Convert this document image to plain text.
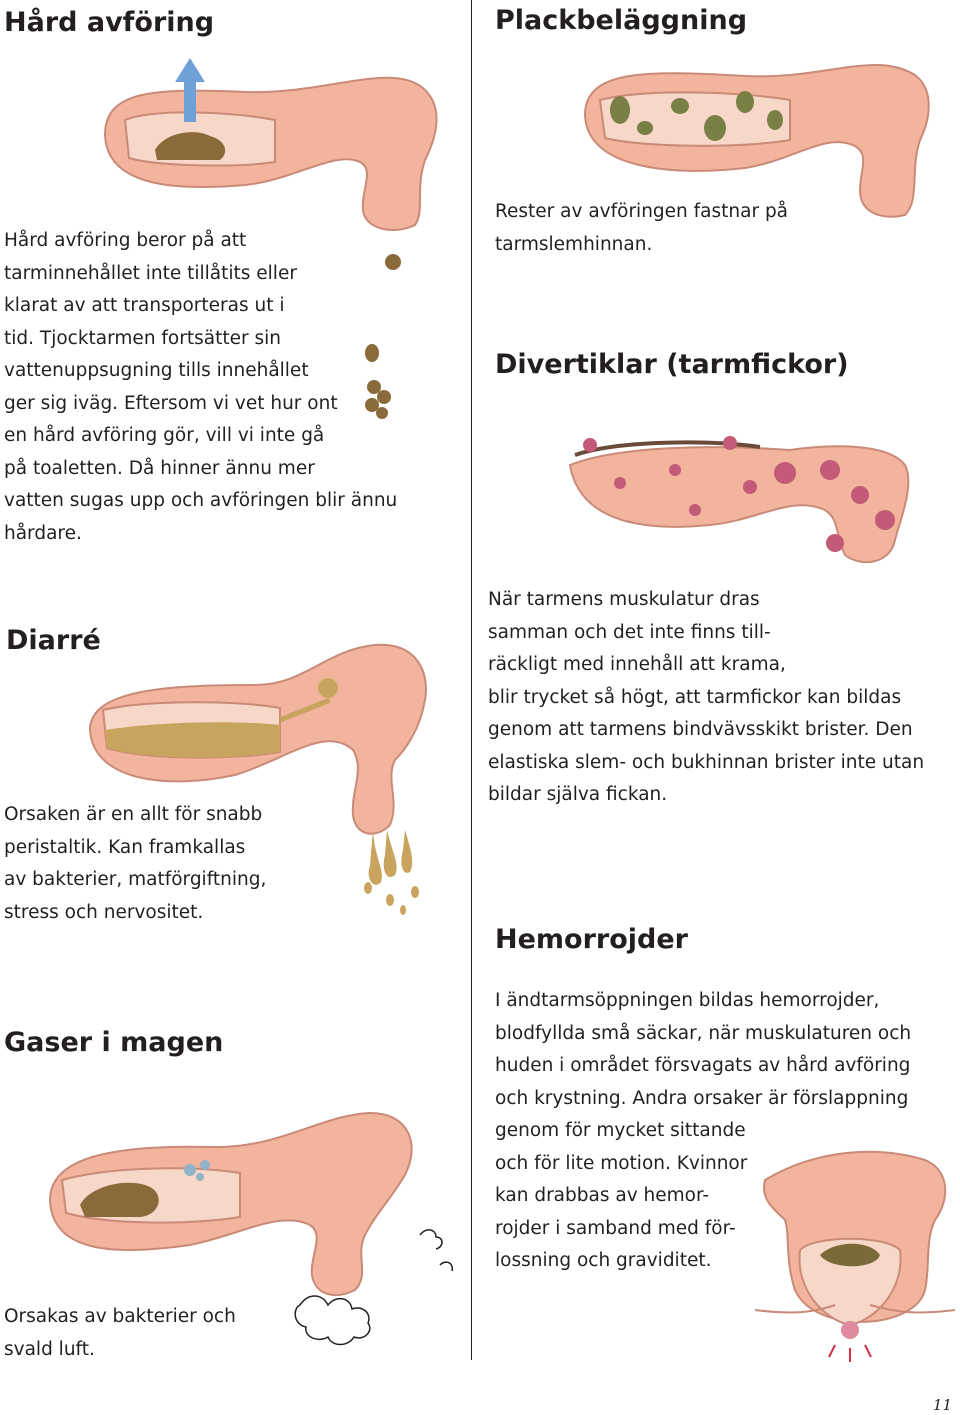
Hård avföring
Hård avföring beror på att
tarminnehållet inte tillåtits eller
klarat av att transporteras ut i
tid. Tjocktarmen fortsätter sin
vattenuppsugning tills innehållet
ger sig iväg. Eftersom vi vet hur ont
en hård avföring gör, vill vi inte gå
på toaletten. Då hinner ännu mer
vatten sugas upp och avföringen blir ännu
hårdare.
Diarré
Orsaken är en allt för snabb
peristaltik. Kan framkallas
av bakterier, matförgiftning,
stress och nervositet.
Gaser i magen
Orsakas av bakterier och
svald luft.
Plackbeläggning
Rester av avföringen fastnar på
tarmslemhinnan.
Divertiklar (tarmfickor)
När tarmens muskulatur dras
samman och det inte finns till-
räckligt med innehåll att krama,
blir trycket så högt, att tarmfickor kan bildas
genom att tarmens bindvävsskikt brister. Den
elastiska slem- och bukhinnan brister inte utan
bildar själva fickan.
Hemorrojder
I ändtarmsöppningen bildas hemorrojder,
blodfyllda små säckar, när muskulaturen och
huden i området försvagats av hård avföring
och krystning. Andra orsaker är förslappning
genom för mycket sittande
och för lite motion. Kvinnor
kan drabbas av hemor-
rojder i samband med för-
lossning och graviditet.
11
